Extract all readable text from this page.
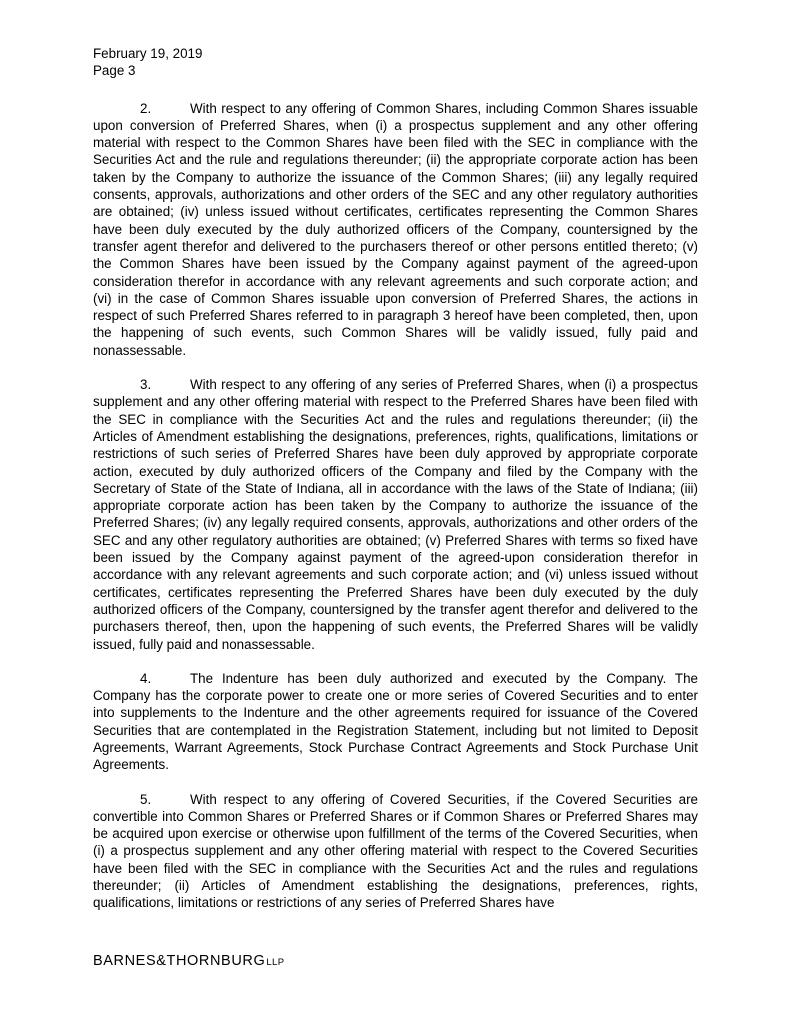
February 19, 2019
Page 3

2.	With respect to any offering of Common Shares, including Common Shares issuable upon conversion of Preferred Shares, when (i) a prospectus supplement and any other offering material with respect to the Common Shares have been filed with the SEC in compliance with the Securities Act and the rule and regulations thereunder; (ii) the appropriate corporate action has been taken by the Company to authorize the issuance of the Common Shares; (iii) any legally required consents, approvals, authorizations and other orders of the SEC and any other regulatory authorities are obtained; (iv) unless issued without certificates, certificates representing the Common Shares have been duly executed by the duly authorized officers of the Company, countersigned by the transfer agent therefor and delivered to the purchasers thereof or other persons entitled thereto; (v) the Common Shares have been issued by the Company against payment of the agreed-upon consideration therefor in accordance with any relevant agreements and such corporate action; and (vi) in the case of Common Shares issuable upon conversion of Preferred Shares, the actions in respect of such Preferred Shares referred to in paragraph 3 hereof have been completed, then, upon the happening of such events, such Common Shares will be validly issued, fully paid and nonassessable.

3.	With respect to any offering of any series of Preferred Shares, when (i) a prospectus supplement and any other offering material with respect to the Preferred Shares have been filed with the SEC in compliance with the Securities Act and the rules and regulations thereunder; (ii) the Articles of Amendment establishing the designations, preferences, rights, qualifications, limitations or restrictions of such series of Preferred Shares have been duly approved by appropriate corporate action, executed by duly authorized officers of the Company and filed by the Company with the Secretary of State of the State of Indiana, all in accordance with the laws of the State of Indiana; (iii) appropriate corporate action has been taken by the Company to authorize the issuance of the Preferred Shares; (iv) any legally required consents, approvals, authorizations and other orders of the SEC and any other regulatory authorities are obtained; (v) Preferred Shares with terms so fixed have been issued by the Company against payment of the agreed-upon consideration therefor in accordance with any relevant agreements and such corporate action; and (vi) unless issued without certificates, certificates representing the Preferred Shares have been duly executed by the duly authorized officers of the Company, countersigned by the transfer agent therefor and delivered to the purchasers thereof, then, upon the happening of such events, the Preferred Shares will be validly issued, fully paid and nonassessable.

4.	The Indenture has been duly authorized and executed by the Company. The Company has the corporate power to create one or more series of Covered Securities and to enter into supplements to the Indenture and the other agreements required for issuance of the Covered Securities that are contemplated in the Registration Statement, including but not limited to Deposit Agreements, Warrant Agreements, Stock Purchase Contract Agreements and Stock Purchase Unit Agreements.

5.	With respect to any offering of Covered Securities, if the Covered Securities are convertible into Common Shares or Preferred Shares or if Common Shares or Preferred Shares may be acquired upon exercise or otherwise upon fulfillment of the terms of the Covered Securities, when (i) a prospectus supplement and any other offering material with respect to the Covered Securities have been filed with the SEC in compliance with the Securities Act and the rules and regulations thereunder; (ii) Articles of Amendment establishing the designations, preferences, rights, qualifications, limitations or restrictions of any series of Preferred Shares have

BARNES&THORNBURGLLP
